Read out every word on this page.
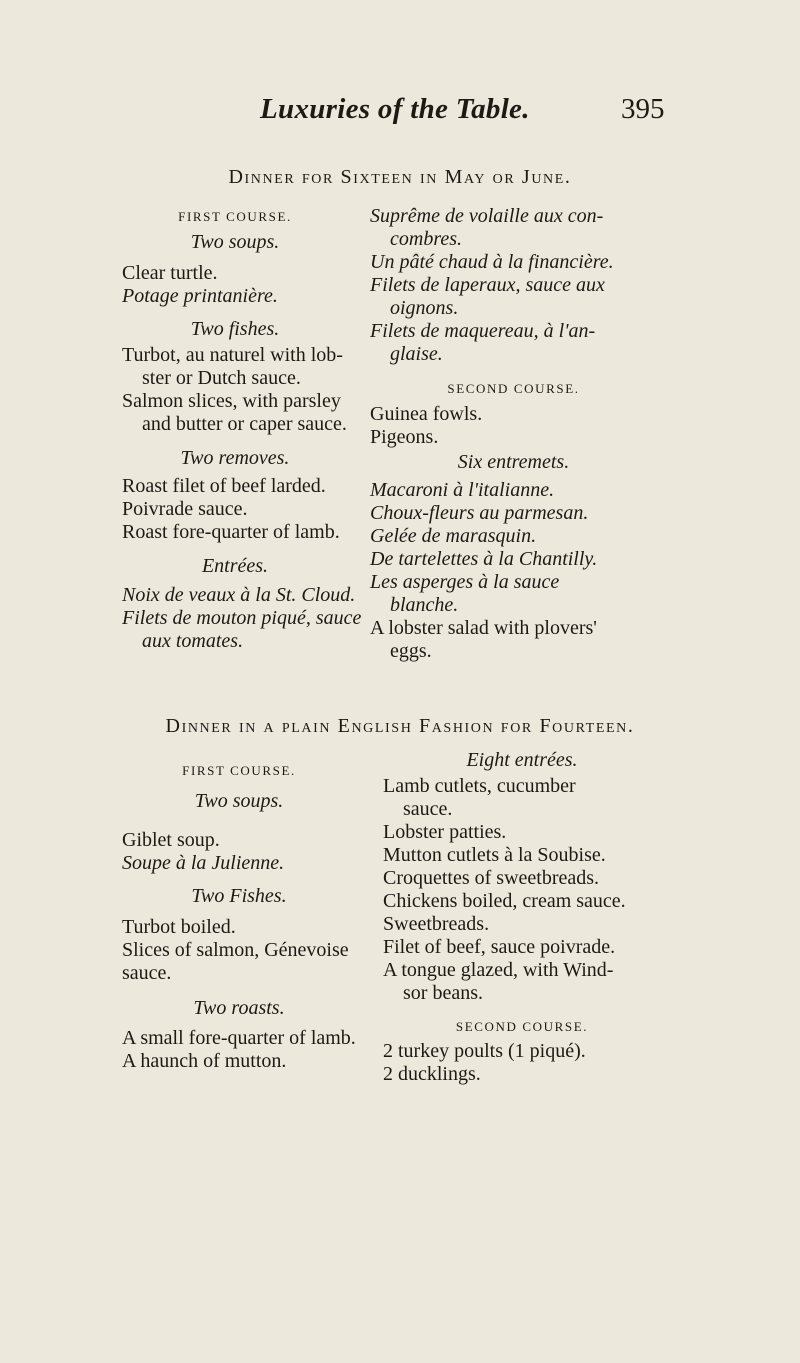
Luxuries of the Table.	395
Dinner for Sixteen in May or June.
FIRST COURSE.
Two soups.
Clear turtle.
Potage printanière.
Two fishes.
Turbot, au naturel with lob-
ster or Dutch sauce.
Salmon slices, with parsley
and butter or caper sauce.
Two removes.
Roast filet of beef larded.
Poivrade sauce.
Roast fore-quarter of lamb.
Entrées.
Noix de veaux à la St. Cloud.
Filets de mouton piqué, sauce
aux tomates.
Suprême de volaille aux con-
combres.
Un pâté chaud à la financière.
Filets de laperaux, sauce aux
oignons.
Filets de maquereau, à l'an-
glaise.
SECOND COURSE.
Guinea fowls.
Pigeons.
Six entremets.
Macaroni à l'italianne.
Choux-fleurs au parmesan.
Gelée de marasquin.
De tartelettes à la Chantilly.
Les asperges à la sauce
blanche.
A lobster salad with plovers'
eggs.
Dinner in a plain English Fashion for Fourteen.
FIRST COURSE.
Two soups.
Giblet soup.
Soupe à la Julienne.
Two Fishes.
Turbot boiled.
Slices of salmon, Génevoise
sauce.
Two roasts.
A small fore-quarter of lamb.
A haunch of mutton.
Eight entrées.
Lamb cutlets, cucumber
sauce.
Lobster patties.
Mutton cutlets à la Soubise.
Croquettes of sweetbreads.
Chickens boiled, cream sauce.
Sweetbreads.
Filet of beef, sauce poivrade.
A tongue glazed, with Wind-
sor beans.
SECOND COURSE.
2 turkey poults (1 piqué).
2 ducklings.
